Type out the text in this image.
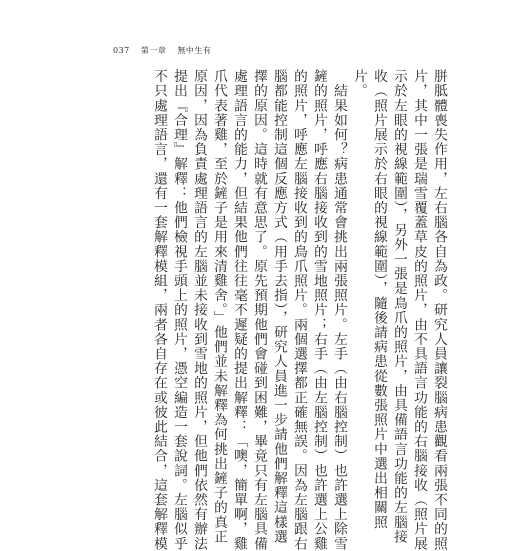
037 第一章 無中生有
胼胝體喪失作用，左右腦各自為政。研究人員讓裂腦病患觀看兩張不同的照
片，其中一張是瑞雪覆蓋草皮的照片，由不具語言功能的右腦接收（照片展
示於左眼的視線範圍），另外一張是鳥爪的照片，由具備語言功能的左腦接
收（照片展示於右眼的視線範圍），隨後請病患從數張照片中選出相關照
片。
　結果如何？病患通常會挑出兩張照片。左手（由右腦控制）也許選上除雪
鏟的照片，呼應右腦接收到的雪地照片；右手（由左腦控制）也許選上公雞
的照片，呼應左腦接收到的鳥爪照片。兩個選擇都正確無誤。因為左腦跟右
腦都能控制這個反應方式（用手去指），研究人員進一步請他們解釋這樣選
擇的原因。這時就有意思了。原先預期他們會碰到困難，畢竟只有左腦具備
處理語言的能力，但結果他們往往毫不遲疑的提出解釋：「噢，簡單啊，雞
爪代表著雞，至於鏟子是用來清雞舍。」他們並未解釋為何挑出鏟子的真正
原因，因為負責處理語言的左腦並未接收到雪地的照片，但他們依然有辦法
提出『合理』解釋：他們檢視手頭上的照片，憑空編造一套說詞。左腦似乎
不只處理語言，還有一套解釋模組，兩者各自存在或彼此結合，這套解釋模
